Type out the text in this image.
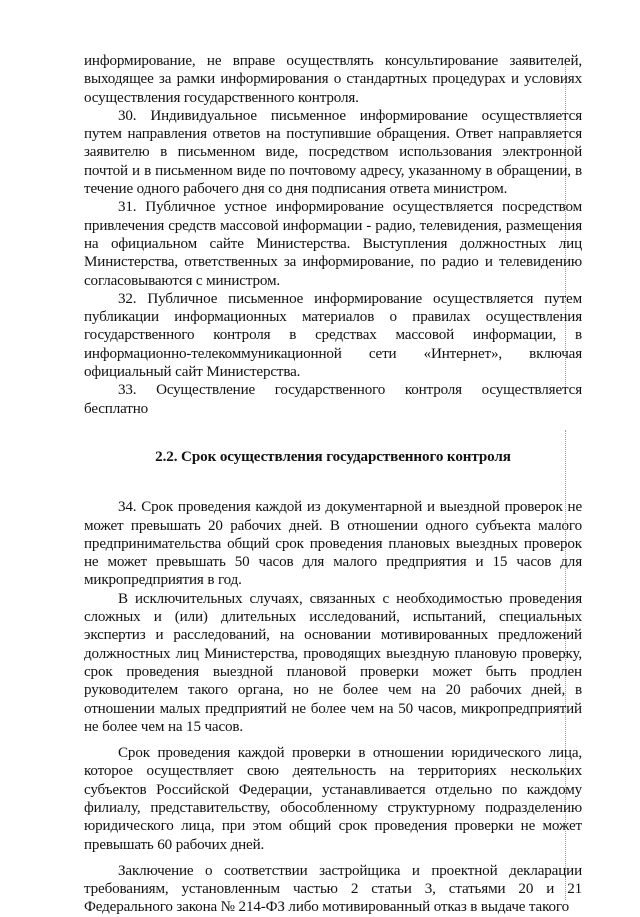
информирование, не вправе осуществлять консультирование заявителей, выходящее за рамки информирования о стандартных процедурах и условиях осуществления государственного контроля.

30. Индивидуальное письменное информирование осуществляется путем направления ответов на поступившие обращения. Ответ направляется заявителю в письменном виде, посредством использования электронной почтой и в письменном виде по почтовому адресу, указанному в обращении, в течение одного рабочего дня со дня подписания ответа министром.

31. Публичное устное информирование осуществляется посредством привлечения средств массовой информации - радио, телевидения, размещения на официальном сайте Министерства. Выступления должностных лиц Министерства, ответственных за информирование, по радио и телевидению согласовываются с министром.

32. Публичное письменное информирование осуществляется путем публикации информационных материалов о правилах осуществления государственного контроля в средствах массовой информации, в информационно-телекоммуникационной сети «Интернет», включая официальный сайт Министерства.

33. Осуществление государственного контроля осуществляется бесплатно

2.2. Срок осуществления государственного контроля

34. Срок проведения каждой из документарной и выездной проверок не может превышать 20 рабочих дней. В отношении одного субъекта малого предпринимательства общий срок проведения плановых выездных проверок не может превышать 50 часов для малого предприятия и 15 часов для микропредприятия в год.

В исключительных случаях, связанных с необходимостью проведения сложных и (или) длительных исследований, испытаний, специальных экспертиз и расследований, на основании мотивированных предложений должностных лиц Министерства, проводящих выездную плановую проверку, срок проведения выездной плановой проверки может быть продлен руководителем такого органа, но не более чем на 20 рабочих дней, в отношении малых предприятий не более чем на 50 часов, микропредприятий не более чем на 15 часов.

Срок проведения каждой проверки в отношении юридического лица, которое осуществляет свою деятельность на территориях нескольких субъектов Российской Федерации, устанавливается отдельно по каждому филиалу, представительству, обособленному структурному подразделению юридического лица, при этом общий срок проведения проверки не может превышать 60 рабочих дней.

Заключение о соответствии застройщика и проектной декларации требованиям, установленным частью 2 статьи 3, статьями 20 и 21 Федерального закона № 214-ФЗ либо мотивированный отказ в выдаче такого
